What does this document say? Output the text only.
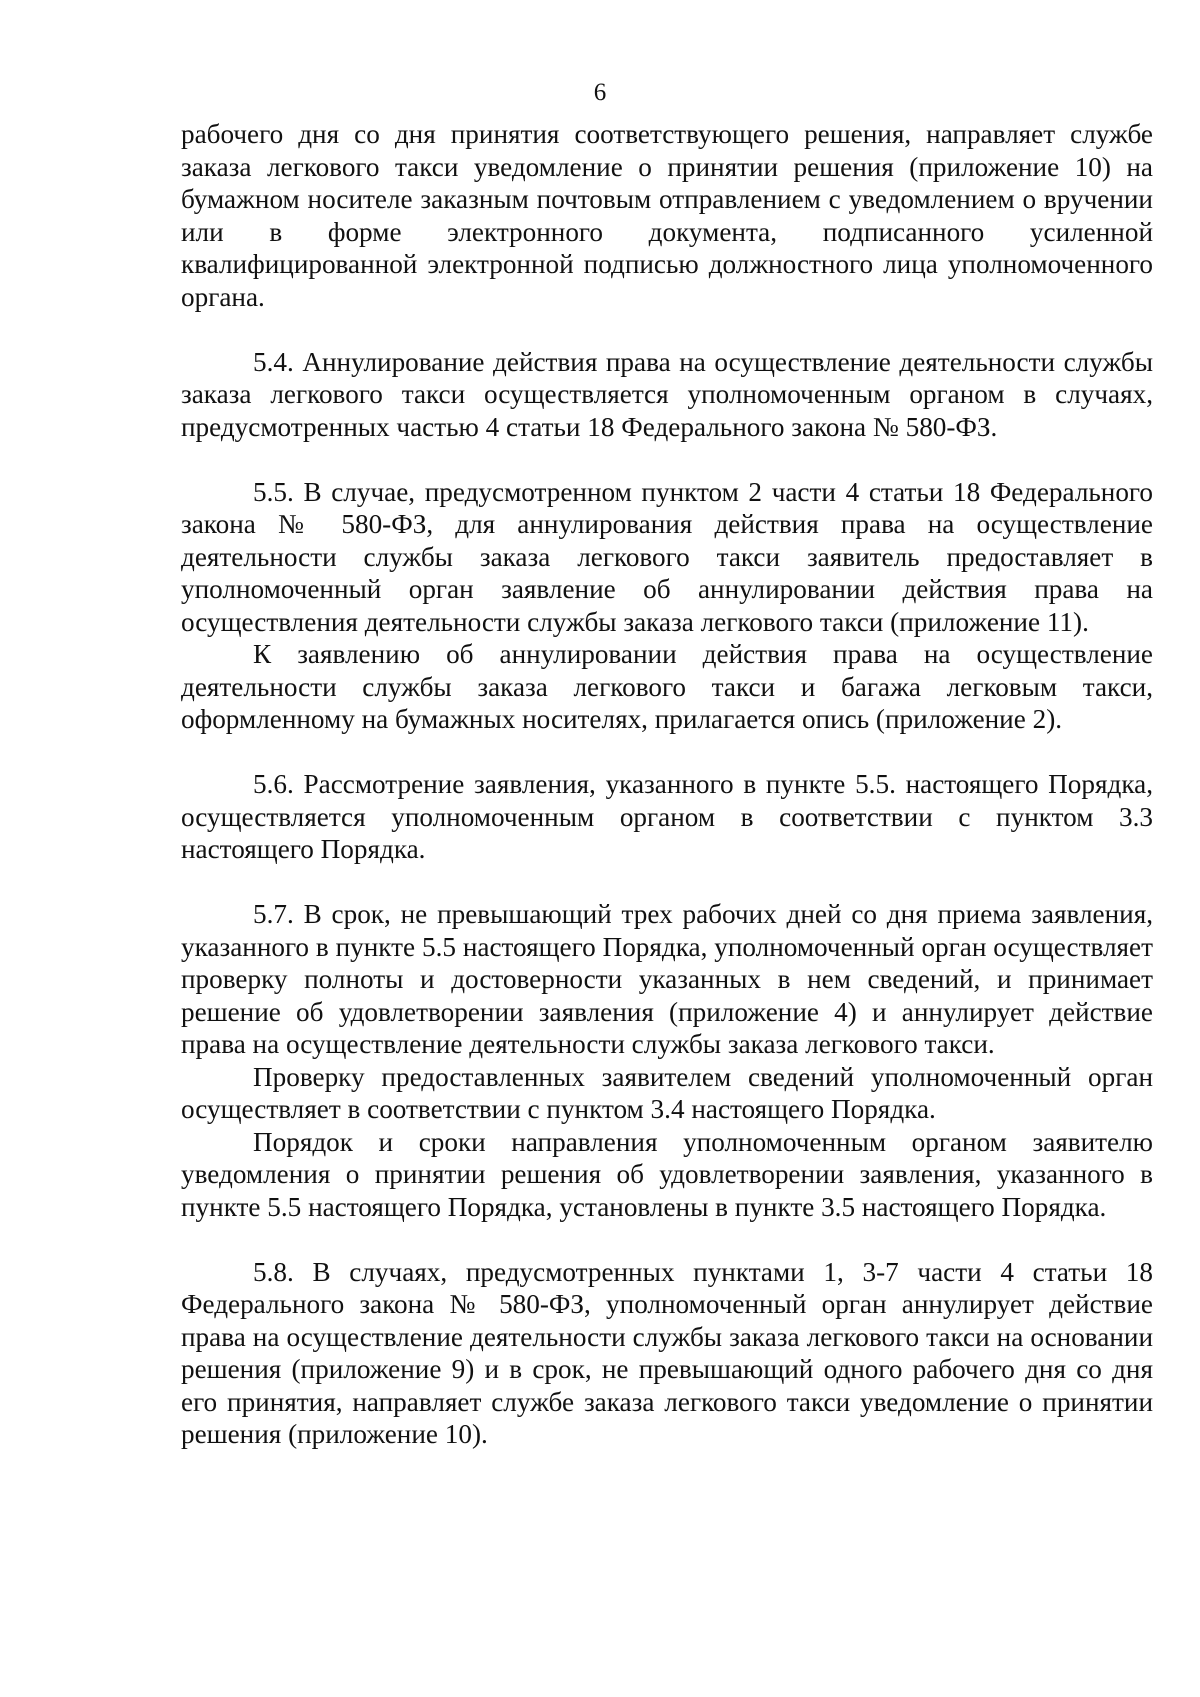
6

рабочего дня со дня принятия соответствующего решения, направляет службе заказа легкового такси уведомление о принятии решения (приложение 10) на бумажном носителе заказным почтовым отправлением с уведомлением о вручении или в форме электронного документа, подписанного усиленной квалифицированной электронной подписью должностного лица уполномоченного органа.

5.4. Аннулирование действия права на осуществление деятельности службы заказа легкового такси осуществляется уполномоченным органом в случаях, предусмотренных частью 4 статьи 18 Федерального закона № 580-ФЗ.

5.5. В случае, предусмотренном пунктом 2 части 4 статьи 18 Федерального закона № 580-ФЗ, для аннулирования действия права на осуществление деятельности службы заказа легкового такси заявитель предоставляет в уполномоченный орган заявление об аннулировании действия права на осуществления деятельности службы заказа легкового такси (приложение 11).

К заявлению об аннулировании действия права на осуществление деятельности службы заказа легкового такси и багажа легковым такси, оформленному на бумажных носителях, прилагается опись (приложение 2).

5.6. Рассмотрение заявления, указанного в пункте 5.5. настоящего Порядка, осуществляется уполномоченным органом в соответствии с пунктом 3.3 настоящего Порядка.

5.7. В срок, не превышающий трех рабочих дней со дня приема заявления, указанного в пункте 5.5 настоящего Порядка, уполномоченный орган осуществляет проверку полноты и достоверности указанных в нем сведений, и принимает решение об удовлетворении заявления (приложение 4) и аннулирует действие права на осуществление деятельности службы заказа легкового такси.

Проверку предоставленных заявителем сведений уполномоченный орган осуществляет в соответствии с пунктом 3.4 настоящего Порядка.

Порядок и сроки направления уполномоченным органом заявителю уведомления о принятии решения об удовлетворении заявления, указанного в пункте 5.5 настоящего Порядка, установлены в пункте 3.5 настоящего Порядка.

5.8. В случаях, предусмотренных пунктами 1, 3-7 части 4 статьи 18 Федерального закона № 580-ФЗ, уполномоченный орган аннулирует действие права на осуществление деятельности службы заказа легкового такси на основании решения (приложение 9) и в срок, не превышающий одного рабочего дня со дня его принятия, направляет службе заказа легкового такси уведомление о принятии решения (приложение 10).
